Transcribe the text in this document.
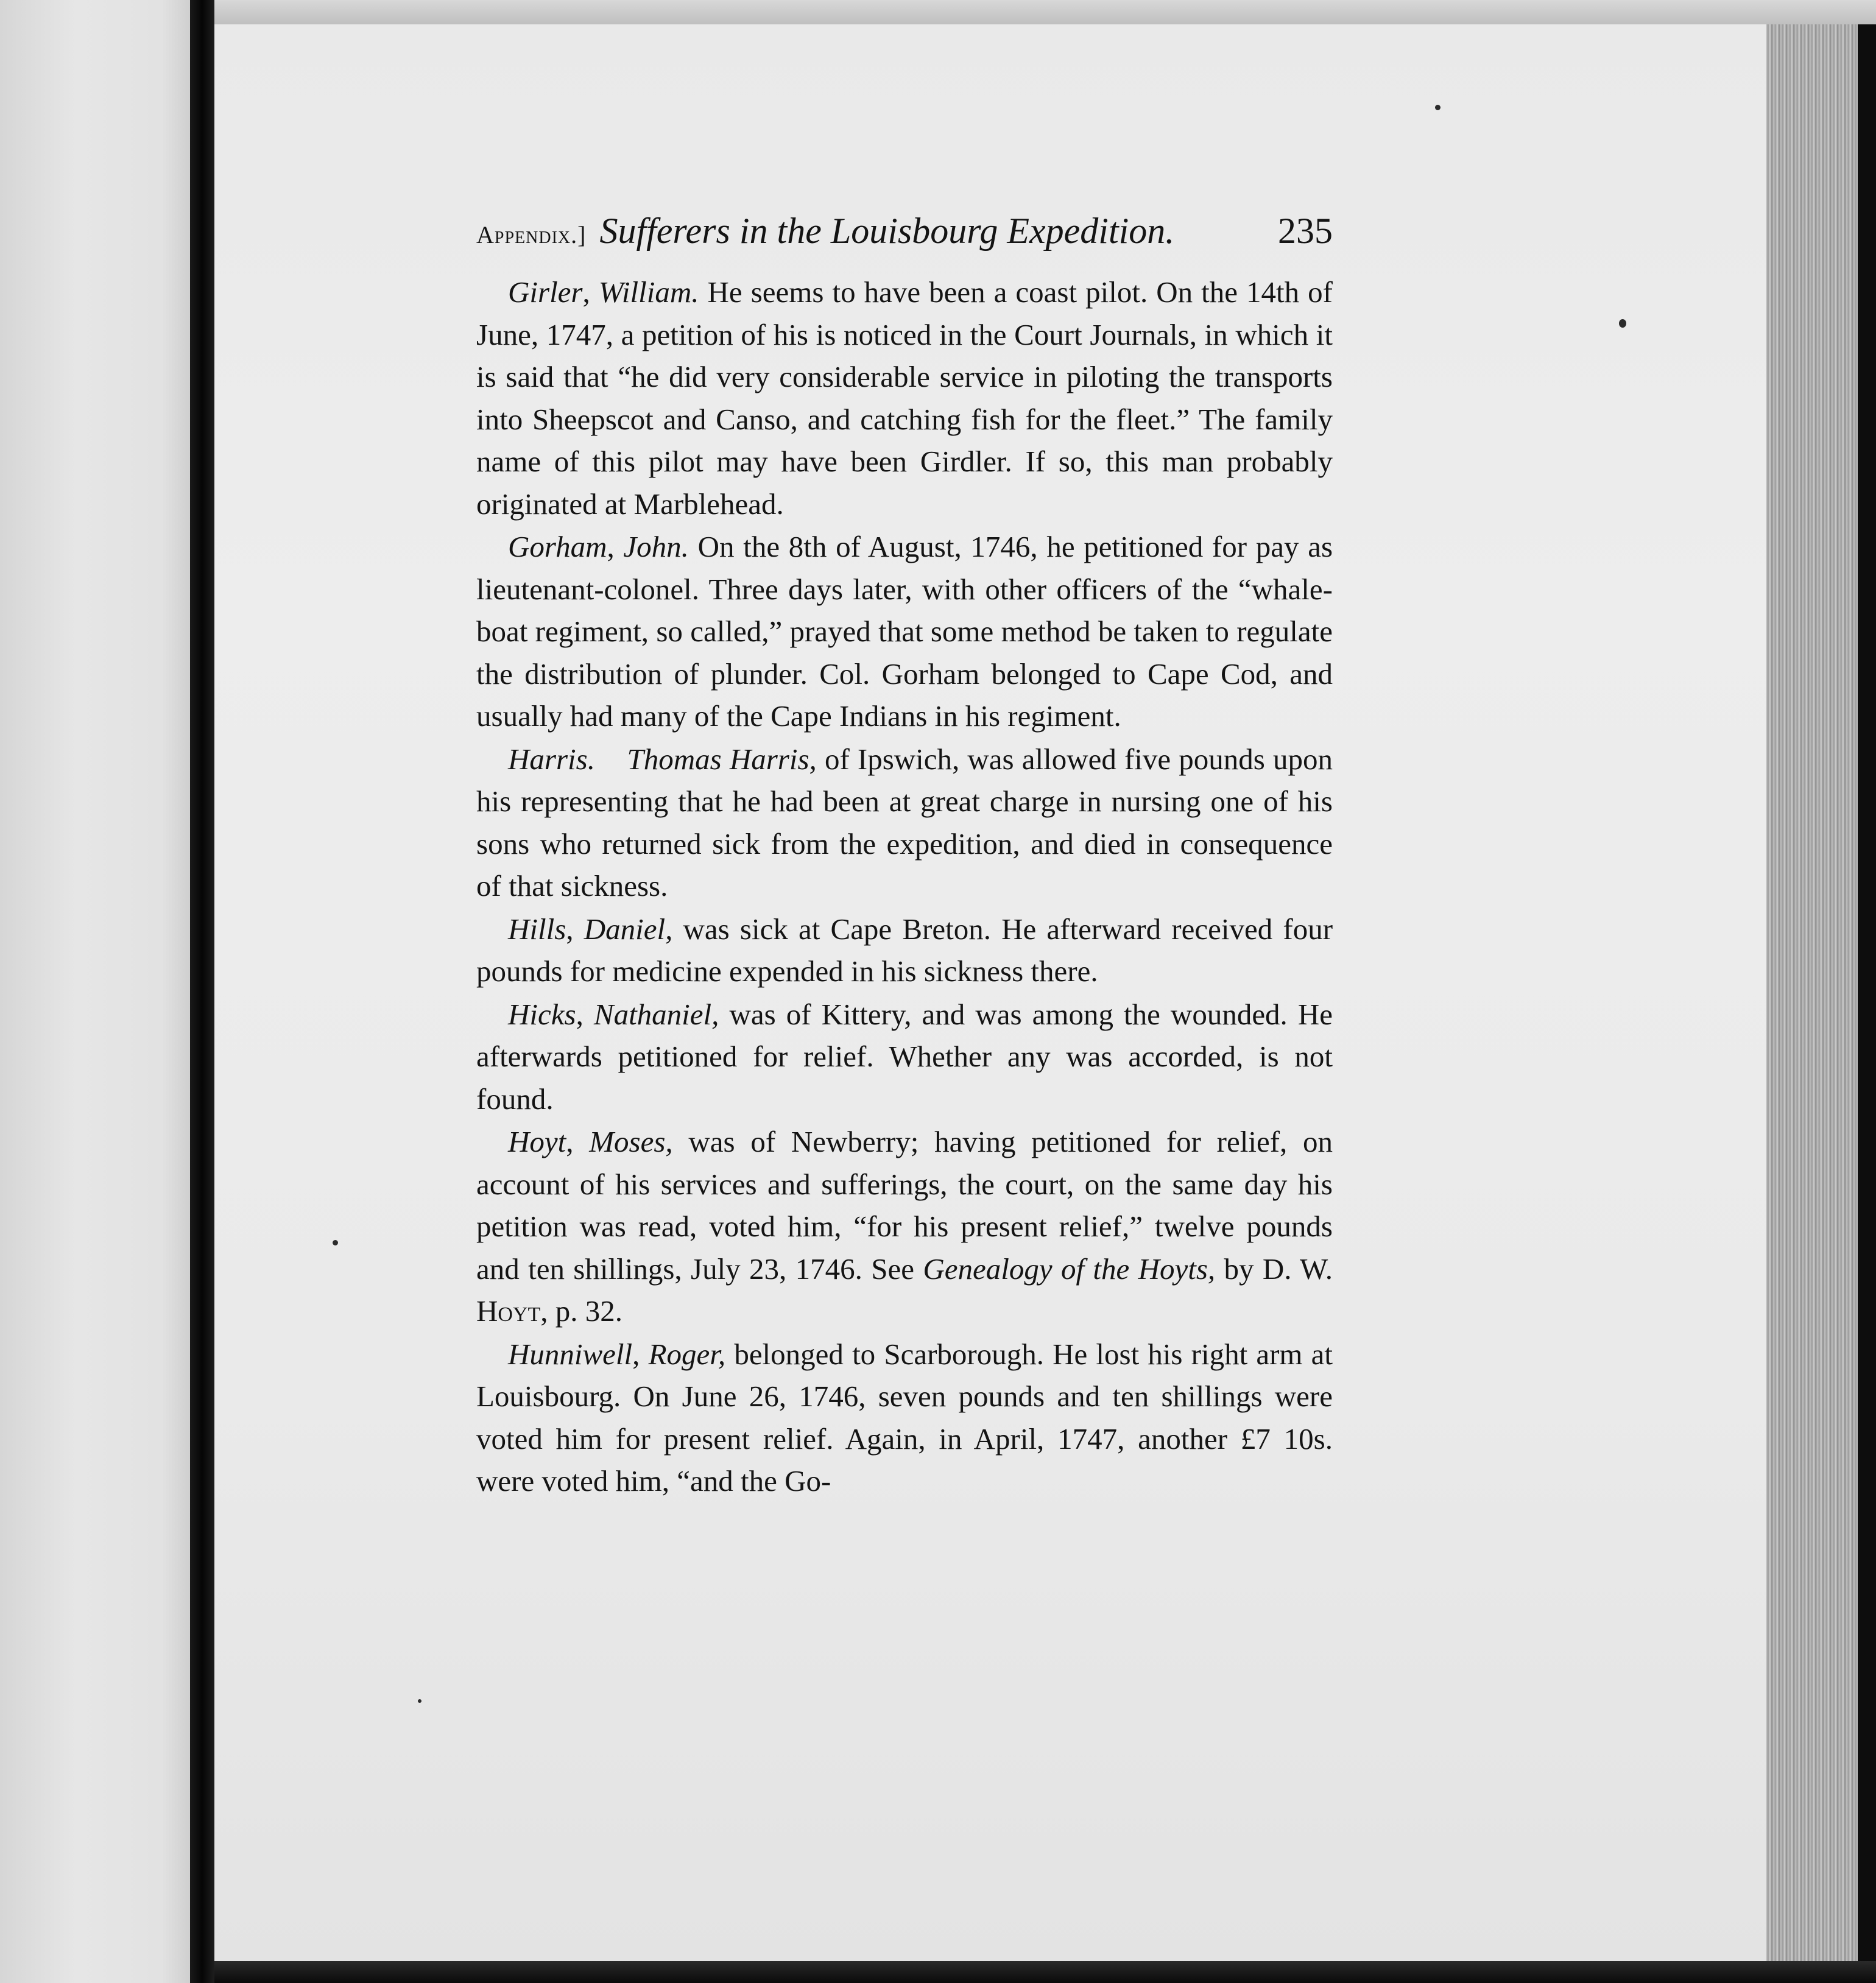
Appendix.] Sufferers in the Louisbourg Expedition.	235

Girler, William. He seems to have been a coast pilot. On the 14th of June, 1747, a petition of his is noticed in the Court Journals, in which it is said that “he did very considerable service in piloting the transports into Sheepscot and Canso, and catching fish for the fleet.” The family name of this pilot may have been Girdler. If so, this man probably originated at Marblehead.

Gorham, John. On the 8th of August, 1746, he petitioned for pay as lieutenant-colonel. Three days later, with other officers of the “whale-boat regiment, so called,” prayed that some method be taken to regulate the distribution of plunder. Col. Gorham belonged to Cape Cod, and usually had many of the Cape Indians in his regiment.

Harris. Thomas Harris, of Ipswich, was allowed five pounds upon his representing that he had been at great charge in nursing one of his sons who returned sick from the expedition, and died in consequence of that sickness.

Hills, Daniel, was sick at Cape Breton. He afterward received four pounds for medicine expended in his sickness there.

Hicks, Nathaniel, was of Kittery, and was among the wounded. He afterwards petitioned for relief. Whether any was accorded, is not found.

Hoyt, Moses, was of Newberry; having petitioned for relief, on account of his services and sufferings, the court, on the same day his petition was read, voted him, “for his present relief,” twelve pounds and ten shillings, July 23, 1746. See Genealogy of the Hoyts, by D. W. Hoyt, p. 32.

Hunniwell, Roger, belonged to Scarborough. He lost his right arm at Louisbourg. On June 26, 1746, seven pounds and ten shillings were voted him for present relief. Again, in April, 1747, another £7 10s. were voted him, “and the Go-
